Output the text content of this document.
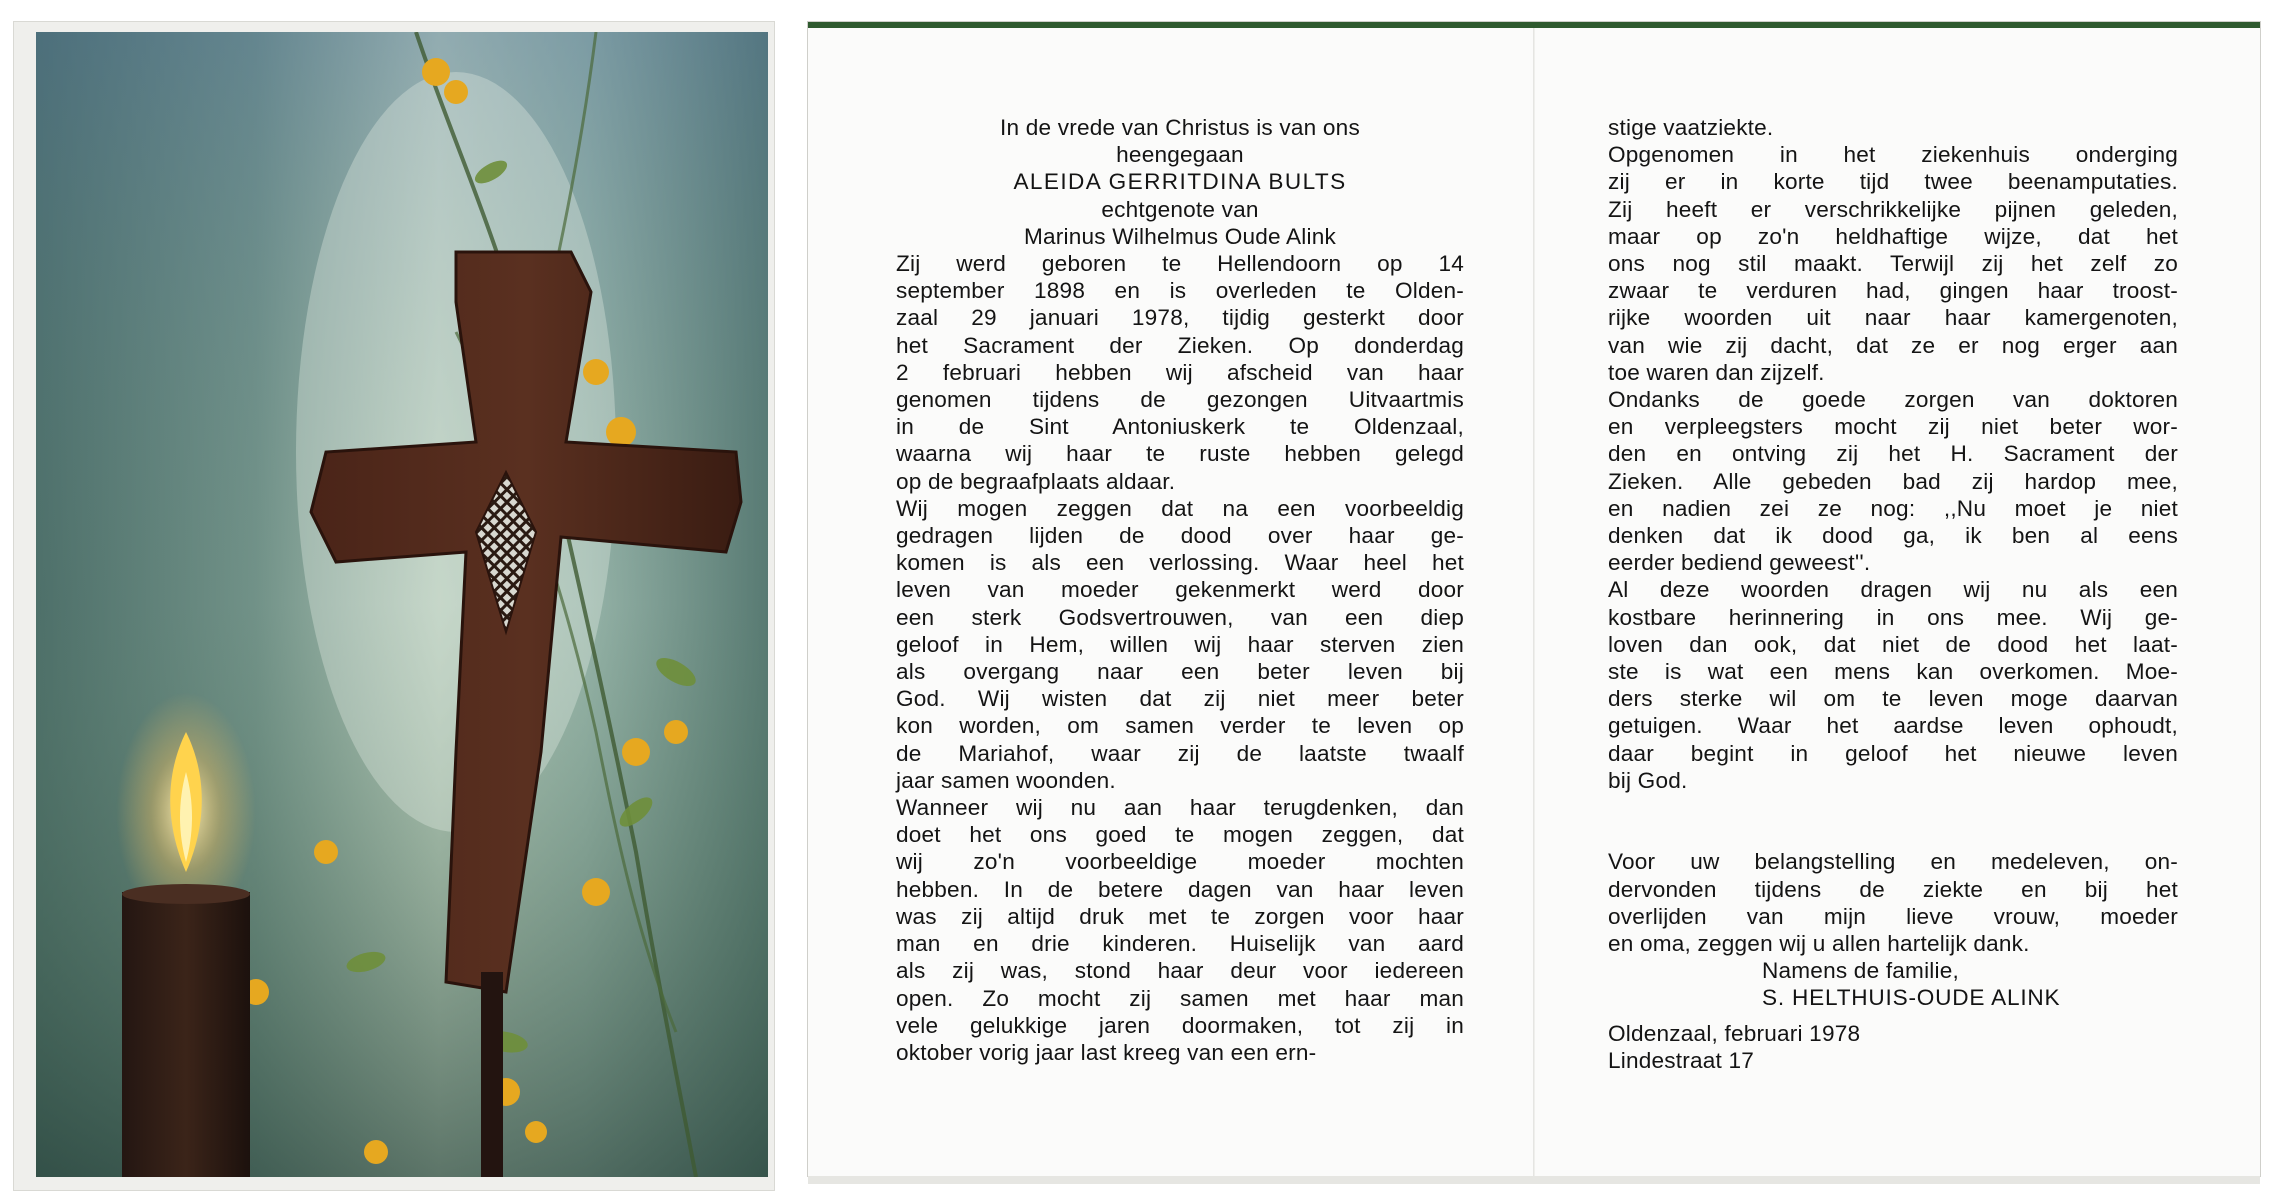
In de vrede van Christus is van ons
heengegaan
ALEIDA GERRITDINA BULTS
echtgenote van
Marinus Wilhelmus Oude Alink
Zij werd geboren te Hellendoorn op 14
september 1898 en is overleden te Olden-
zaal 29 januari 1978, tijdig gesterkt door
het Sacrament der Zieken. Op donderdag
2 februari hebben wij afscheid van haar
genomen tijdens de gezongen Uitvaartmis
in de Sint Antoniuskerk te Oldenzaal,
waarna wij haar te ruste hebben gelegd
op de begraafplaats aldaar.
Wij mogen zeggen dat na een voorbeeldig
gedragen lijden de dood over haar ge-
komen is als een verlossing. Waar heel het
leven van moeder gekenmerkt werd door
een sterk Godsvertrouwen, van een diep
geloof in Hem, willen wij haar sterven zien
als overgang naar een beter leven bij
God. Wij wisten dat zij niet meer beter
kon worden, om samen verder te leven op
de Mariahof, waar zij de laatste twaalf
jaar samen woonden.
Wanneer wij nu aan haar terugdenken, dan
doet het ons goed te mogen zeggen, dat
wij zo'n voorbeeldige moeder mochten
hebben. In de betere dagen van haar leven
was zij altijd druk met te zorgen voor haar
man en drie kinderen. Huiselijk van aard
als zij was, stond haar deur voor iedereen
open. Zo mocht zij samen met haar man
vele gelukkige jaren doormaken, tot zij in
oktober vorig jaar last kreeg van een ern-
stige vaatziekte.
Opgenomen in het ziekenhuis onderging
zij er in korte tijd twee beenamputaties.
Zij heeft er verschrikkelijke pijnen geleden,
maar op zo'n heldhaftige wijze, dat het
ons nog stil maakt. Terwijl zij het zelf zo
zwaar te verduren had, gingen haar troost-
rijke woorden uit naar haar kamergenoten,
van wie zij dacht, dat ze er nog erger aan
toe waren dan zijzelf.
Ondanks de goede zorgen van doktoren
en verpleegsters mocht zij niet beter wor-
den en ontving zij het H. Sacrament der
Zieken. Alle gebeden bad zij hardop mee,
en nadien zei ze nog: ,,Nu moet je niet
denken dat ik dood ga, ik ben al eens
eerder bediend geweest''.
Al deze woorden dragen wij nu als een
kostbare herinnering in ons mee. Wij ge-
loven dan ook, dat niet de dood het laat-
ste is wat een mens kan overkomen. Moe-
ders sterke wil om te leven moge daarvan
getuigen. Waar het aardse leven ophoudt,
daar begint in geloof het nieuwe leven
bij God.
Voor uw belangstelling en medeleven, on-
dervonden tijdens de ziekte en bij het
overlijden van mijn lieve vrouw, moeder
en oma, zeggen wij u allen hartelijk dank.
Namens de familie,
S. HELTHUIS-OUDE ALINK
Oldenzaal, februari 1978
Lindestraat 17
